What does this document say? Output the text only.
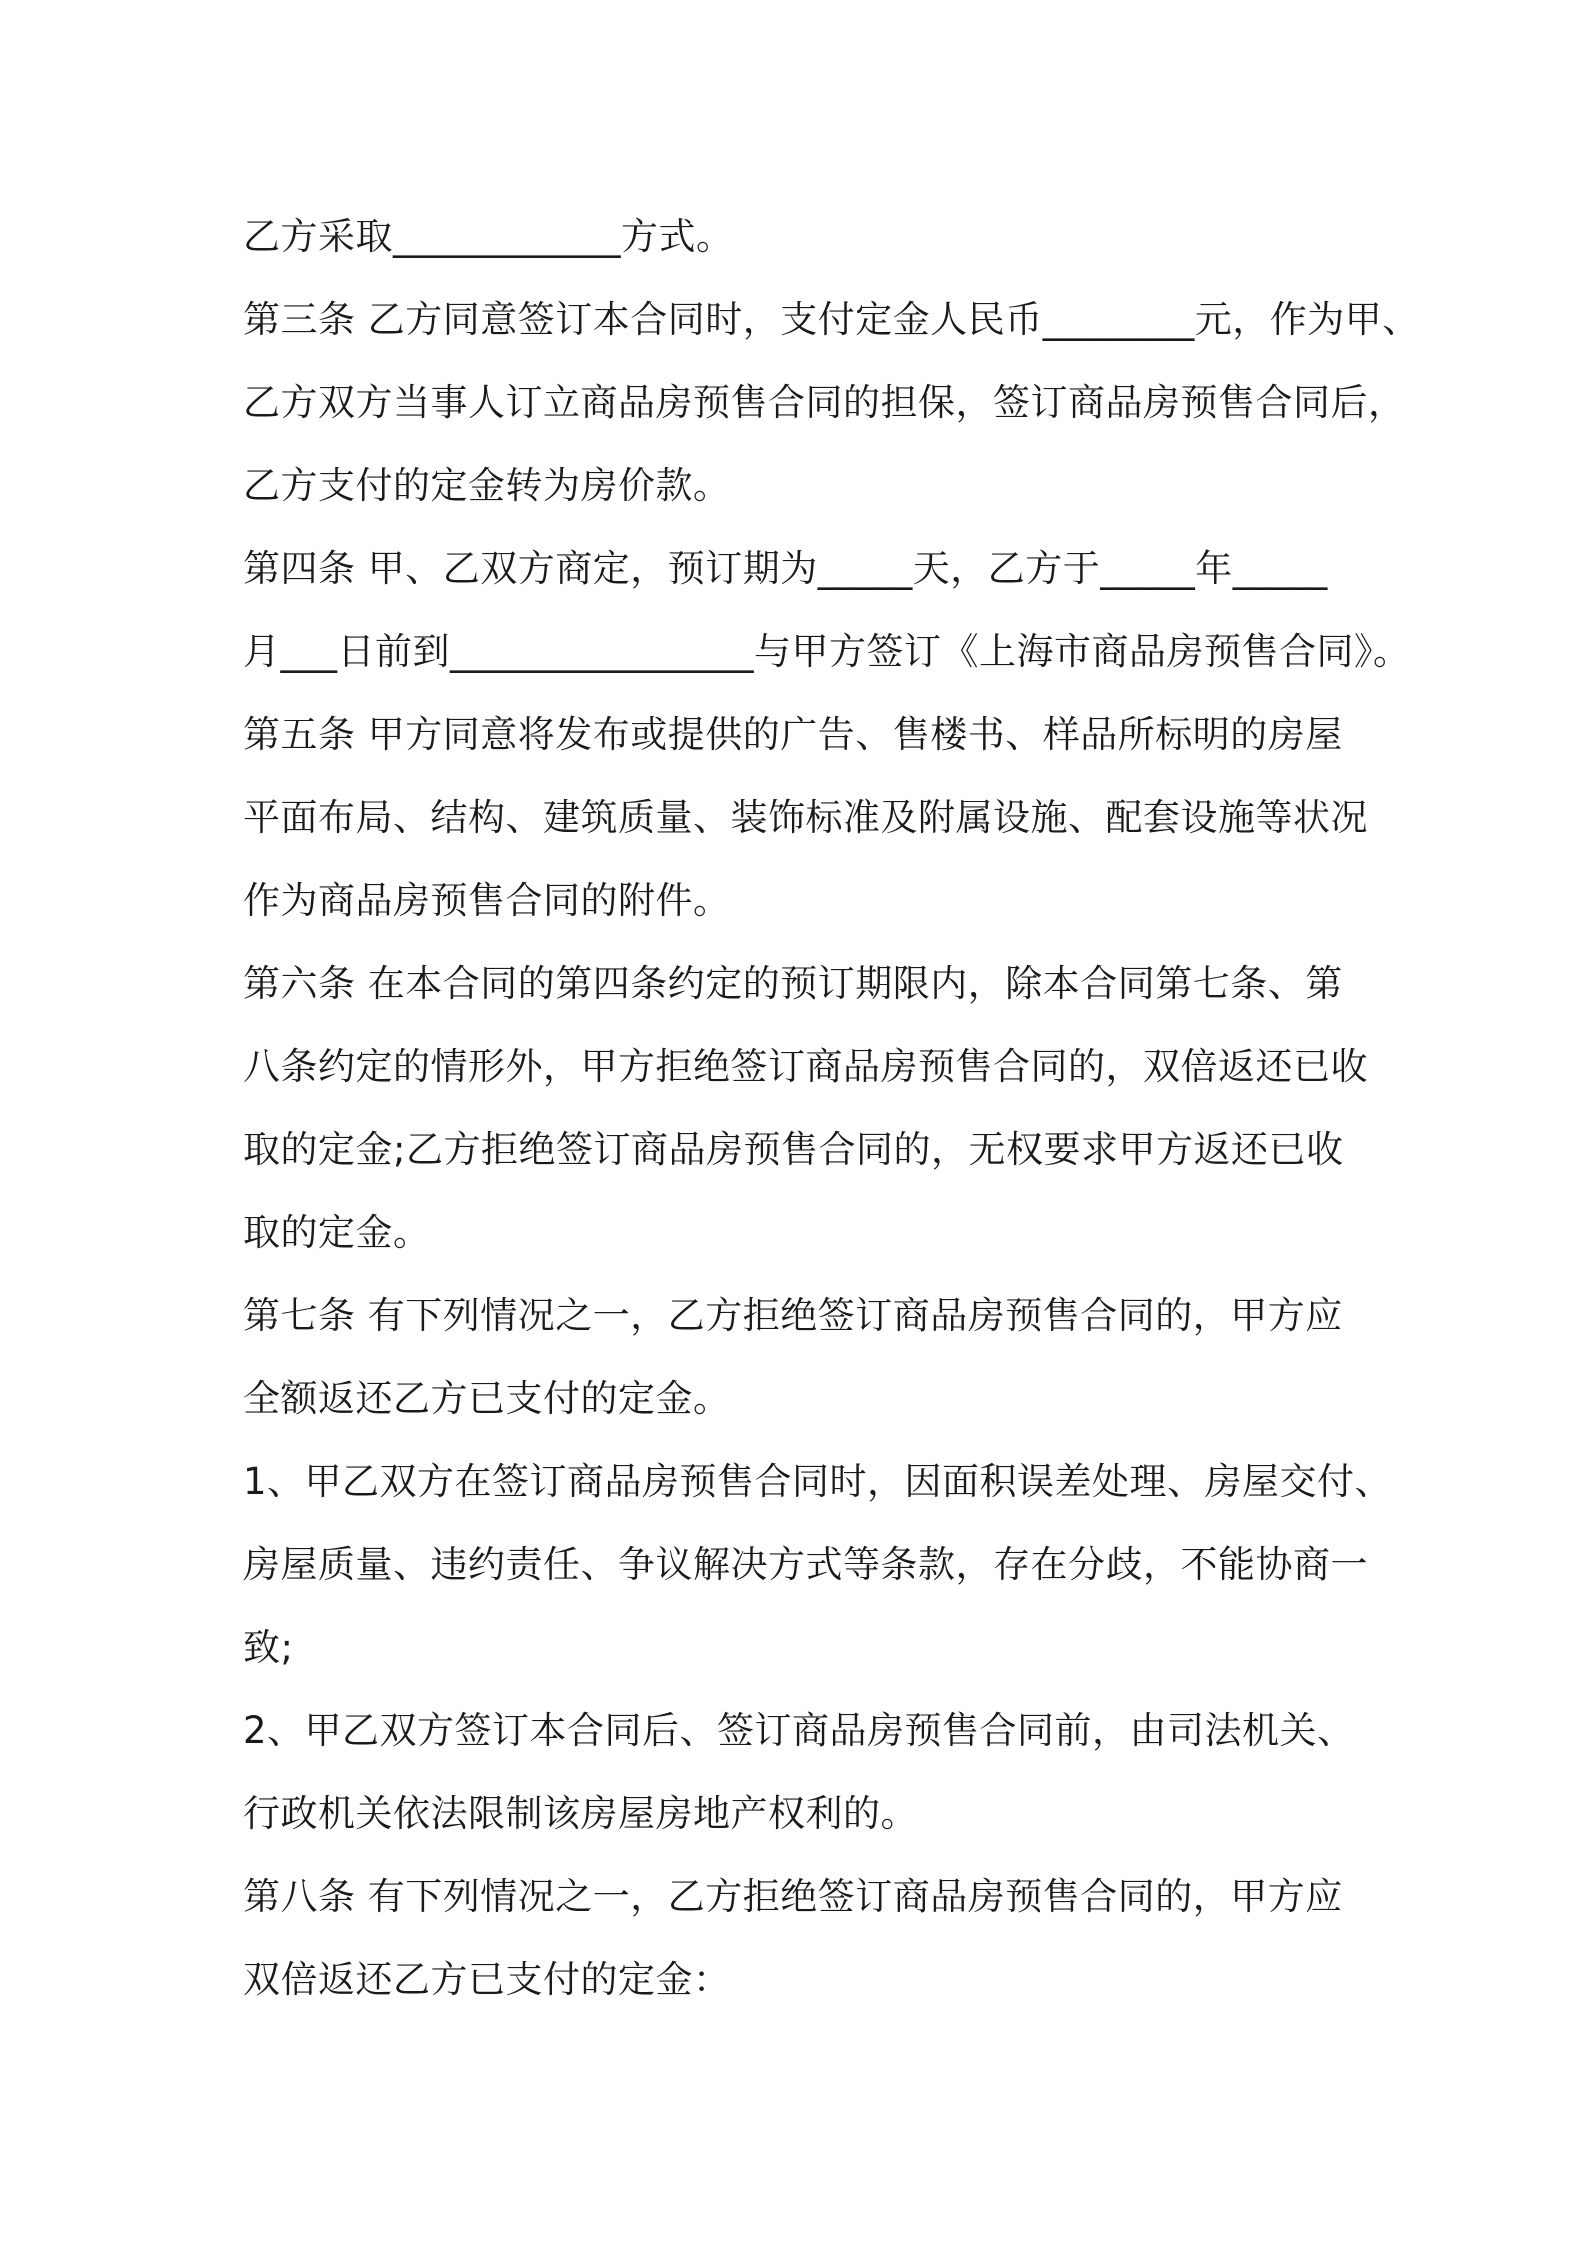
乙方采取____________方式。
第三条 乙方同意签订本合同时，支付定金人民币________元，作为甲、
乙方双方当事人订立商品房预售合同的担保，签订商品房预售合同后，
乙方支付的定金转为房价款。
第四条 甲、乙双方商定，预订期为_____天，乙方于_____年_____
月___日前到________________与甲方签订《上海市商品房预售合同》。
第五条 甲方同意将发布或提供的广告、售楼书、样品所标明的房屋
平面布局、结构、建筑质量、装饰标准及附属设施、配套设施等状况
作为商品房预售合同的附件。
第六条 在本合同的第四条约定的预订期限内，除本合同第七条、第
八条约定的情形外，甲方拒绝签订商品房预售合同的，双倍返还已收
取的定金;乙方拒绝签订商品房预售合同的，无权要求甲方返还已收
取的定金。
第七条 有下列情况之一，乙方拒绝签订商品房预售合同的，甲方应
全额返还乙方已支付的定金。
1、甲乙双方在签订商品房预售合同时，因面积误差处理、房屋交付、
房屋质量、违约责任、争议解决方式等条款，存在分歧，不能协商一
致;
2、甲乙双方签订本合同后、签订商品房预售合同前，由司法机关、
行政机关依法限制该房屋房地产权利的。
第八条 有下列情况之一，乙方拒绝签订商品房预售合同的，甲方应
双倍返还乙方已支付的定金：
